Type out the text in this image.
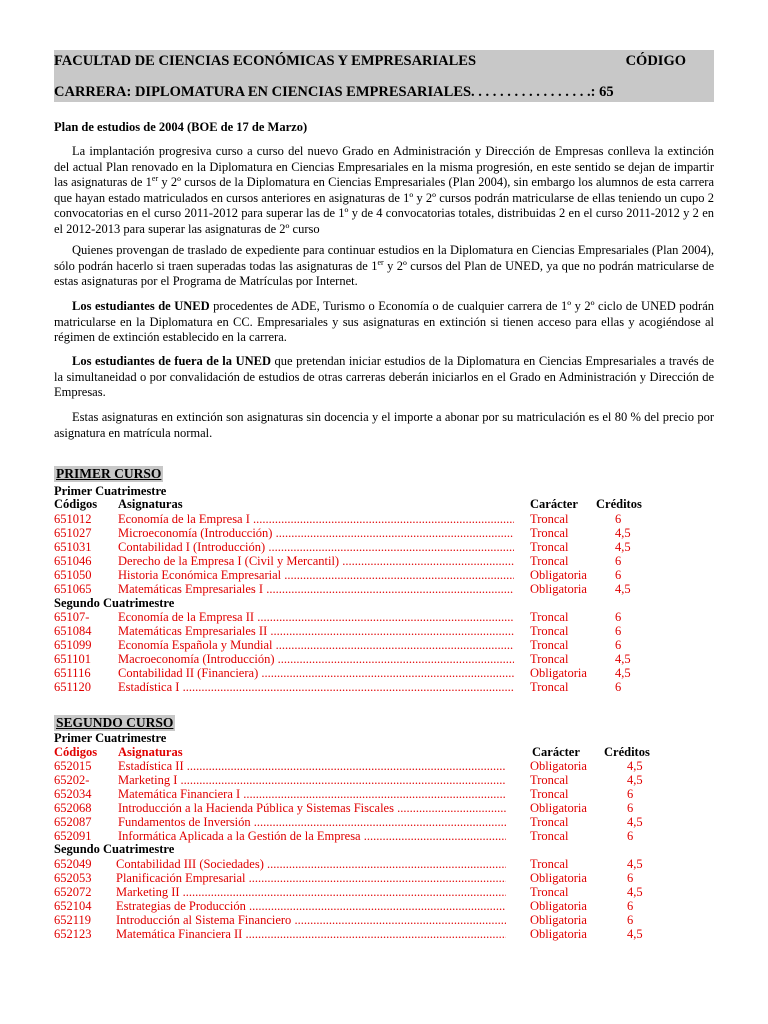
FACULTAD DE CIENCIAS ECONÓMICAS Y EMPRESARIALES	CÓDIGO
CARRERA: DIPLOMATURA EN CIENCIAS EMPRESARIALES. . . . . . . . . . . . . . . . .: 65
Plan de estudios de 2004 (BOE de 17 de Marzo)
La implantación progresiva curso a curso del nuevo Grado en Administración y Dirección de Empresas conlleva la extinción del actual Plan renovado en la Diplomatura en Ciencias Empresariales en la misma progresión, en este sentido se dejan de impartir las asignaturas de 1er y 2º cursos de la Diplomatura en Ciencias Empresariales (Plan 2004), sin embargo los alumnos de esta carrera que hayan estado matriculados en cursos anteriores en asignaturas de 1º y 2º cursos podrán matricularse de ellas teniendo un cupo 2 convocatorias en el curso 2011-2012 para superar las de 1º y de 4 convocatorias totales, distribuidas 2 en el curso 2011-2012 y 2 en el 2012-2013 para superar las asignaturas de 2º curso
Quienes provengan de traslado de expediente para continuar estudios en la Diplomatura en Ciencias Empresariales (Plan 2004), sólo podrán hacerlo si traen superadas todas las asignaturas de 1er y 2º cursos del Plan de UNED, ya que no podrán matricularse de estas asignaturas por el Programa de Matrículas por Internet.
Los estudiantes de UNED procedentes de ADE, Turismo o Economía o de cualquier carrera de 1º y 2º ciclo de UNED podrán matricularse en la Diplomatura en CC. Empresariales y sus asignaturas en extinción si tienen acceso para ellas y acogiéndose al régimen de extinción establecido en la carrera.
Los estudiantes de fuera de la UNED que pretendan iniciar estudios de la Diplomatura en Ciencias Empresariales a través de la simultaneidad o por convalidación de estudios de otras carreras deberán iniciarlos en el Grado en Administración y Dirección de Empresas.
Estas asignaturas en extinción son asignaturas sin docencia y el importe a abonar por su matriculación es el 80 % del precio por asignatura en matrícula normal.
PRIMER CURSO
Primer Cuatrimestre
Códigos Asignaturas	Carácter Créditos
651012 Economía de la Empresa I .....	Troncal	6
651027 Microeconomía (Introducción) .....	Troncal	4,5
651031 Contabilidad I (Introducción) .....	Troncal	4,5
651046 Derecho de la Empresa I (Civil y Mercantil) .....	Troncal	6
651050 Historia Económica Empresarial .....	Obligatoria 6
651065 Matemáticas Empresariales I .....	Obligatoria 4,5
Segundo Cuatrimestre
65107- Economía de la Empresa II .....	Troncal	6
651084 Matemáticas Empresariales II .....	Troncal	6
651099 Economía Española y Mundial .....	Troncal	6
651101 Macroeconomía (Introducción) .....	Troncal	4,5
651116 Contabilidad II (Financiera) .....	Obligatoria 4,5
651120 Estadística I .....	Troncal	6
SEGUNDO CURSO
Primer Cuatrimestre
Códigos Asignaturas	Carácter Créditos
652015 Estadística II .....	Obligatoria	4,5
65202- Marketing I .....	Troncal	4,5
652034 Matemática Financiera I .....	Troncal	6
652068 Introducción a la Hacienda Pública y Sistemas Fiscales .....	Obligatoria	6
652087 Fundamentos de Inversión .....	Troncal	4,5
652091 Informática Aplicada a la Gestión de la Empresa .....	Troncal	6
Segundo Cuatrimestre
652049 Contabilidad III (Sociedades) .....	Troncal	4,5
652053 Planificación Empresarial .....	Obligatoria	6
652072 Marketing II .....	Troncal	4,5
652104 Estrategias de Producción .....	Obligatoria	6
652119 Introducción al Sistema Financiero .....	Obligatoria	6
652123 Matemática Financiera II .....	Obligatoria	4,5
